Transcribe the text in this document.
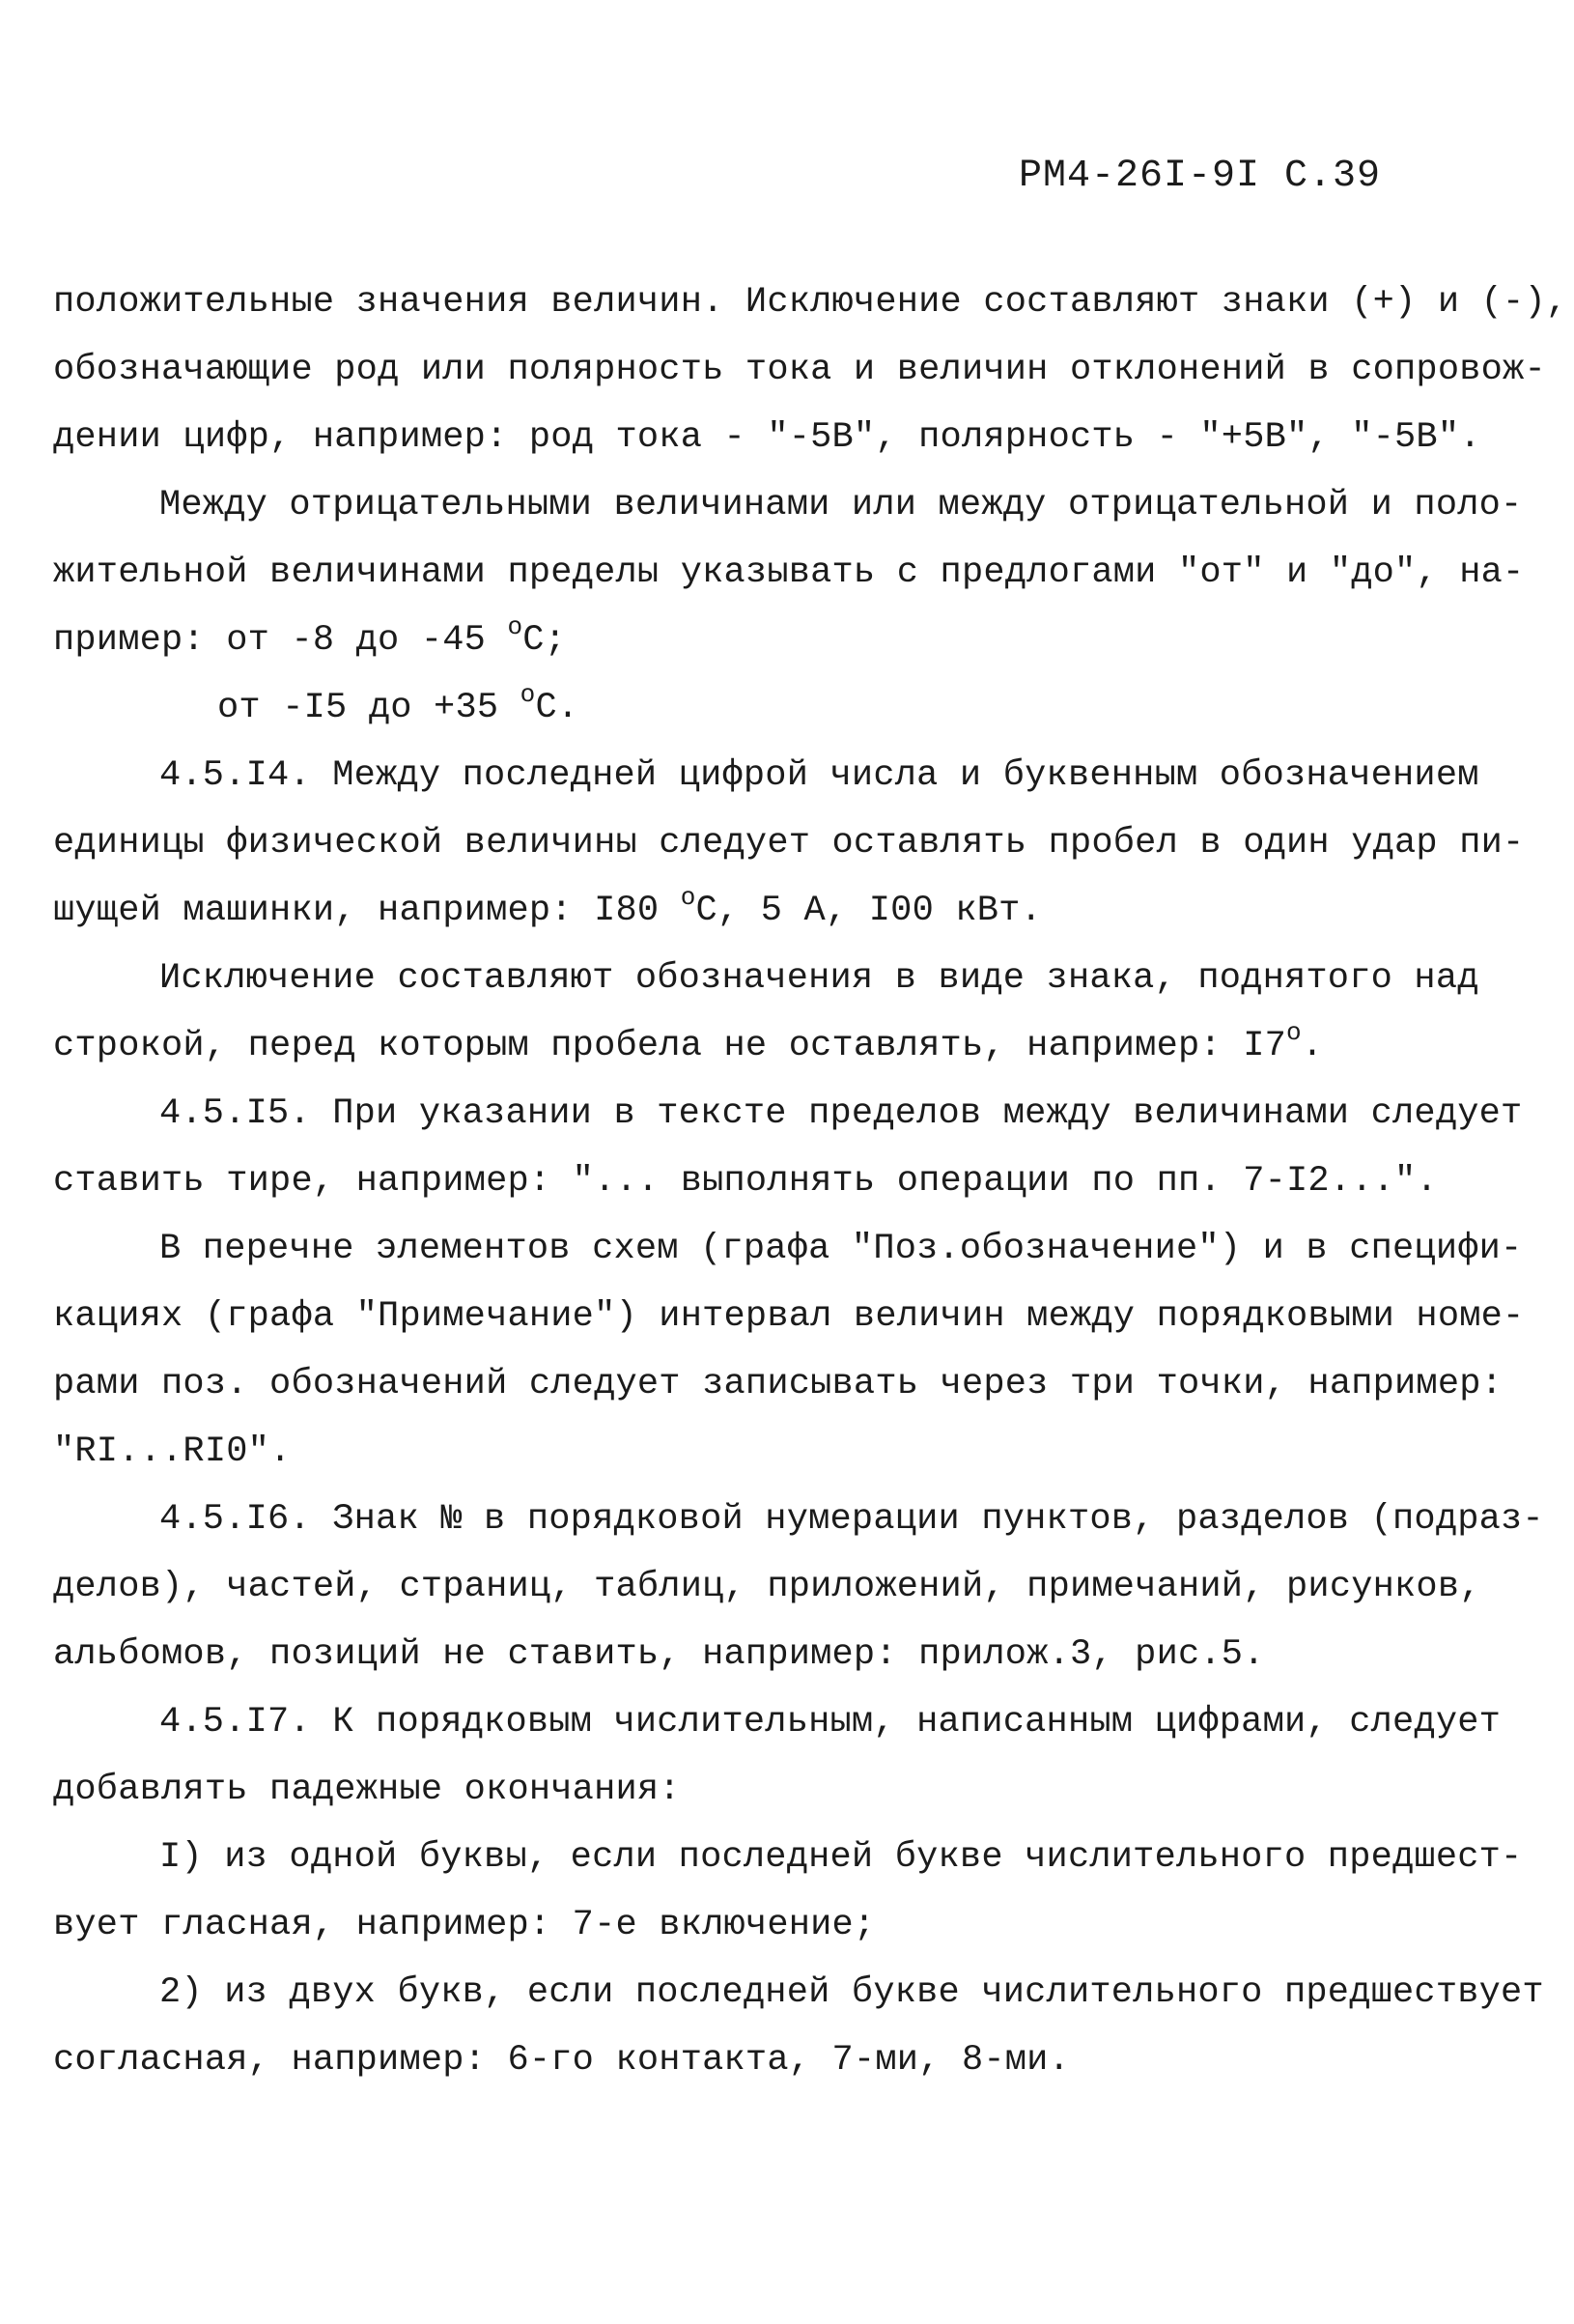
РМ4-26I-9I С.39
положительные значения величин. Исключение составляют знаки (+) и (-),
обозначающие род или полярность тока и величин отклонений в сопровож-
дении цифр, например: род тока - "-5В", полярность - "+5В", "-5В".
Между отрицательными величинами или между отрицательной и поло-
жительной величинами пределы указывать с предлогами "от" и "до", на-
пример: от -8 до -45 $^о$С;
от -I5 до +35 $^о$С.
4.5.I4. Между последней цифрой числа и буквенным обозначением
единицы физической величины следует оставлять пробел в один удар пи-
шущей машинки, например: I80 $^о$С, 5 А, I00 кВт.
Исключение составляют обозначения в виде знака, поднятого над
строкой, перед которым пробела не оставлять, например: $I7^о$.
4.5.I5. При указании в тексте пределов между величинами следует
ставить тире, например: "... выполнять операции по пп. 7-I2...".
В перечне элементов схем (графа "Поз.обозначение") и в специфи-
кациях (графа "Примечание") интервал величин между порядковыми номе-
рами поз. обозначений следует записывать через три точки, например:
"RI...RI0".
4.5.I6. Знак № в порядковой нумерации пунктов, разделов (подраз-
делов), частей, страниц, таблиц, приложений, примечаний, рисунков,
альбомов, позиций не ставить, например: прилож.3, рис.5.
4.5.I7. К порядковым числительным, написанным цифрами, следует
добавлять падежные окончания:
I) из одной буквы, если последней букве числительного предшест-
вует гласная, например: 7-е включение;
2) из двух букв, если последней букве числительного предшествует
согласная, например: 6-го контакта, 7-ми, 8-ми.
